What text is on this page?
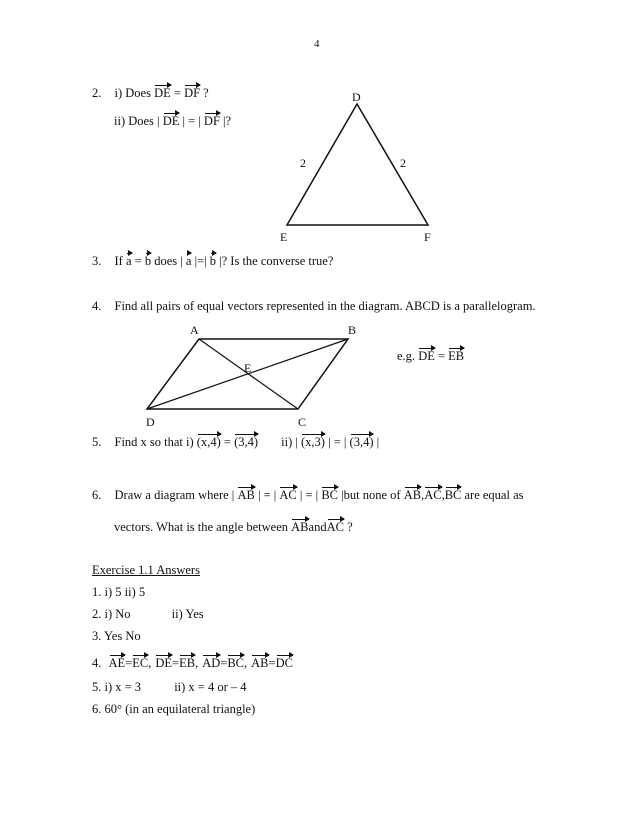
4
2. i) Does DE = DF ?
ii) Does | DE | = | DF |?
D
E	F
2	2
3. If a = b does | a |=| b |? Is the converse true?
4. Find all pairs of equal vectors represented in the diagram. ABCD is a parallelogram.
A	B
C
D
E
e.g. DE = EB
5. Find x so that i) (x,4) = (3,4) ii) | (x,3) | = | (3,4) |
6. Draw a diagram where | AB | = | AC | = | BC |but none of AB,AC,BC are equal as
vectors. What is the angle between ABandAC ?
Exercise 1.1 Answers
1. i) 5 ii) 5
2. i) No	ii) Yes
3. Yes No
4. AE=EC, DE=EB, AD=BC, AB=DC
5. i) x = 3	ii) x = 4 or – 4
6. 60° (in an equilateral triangle)
